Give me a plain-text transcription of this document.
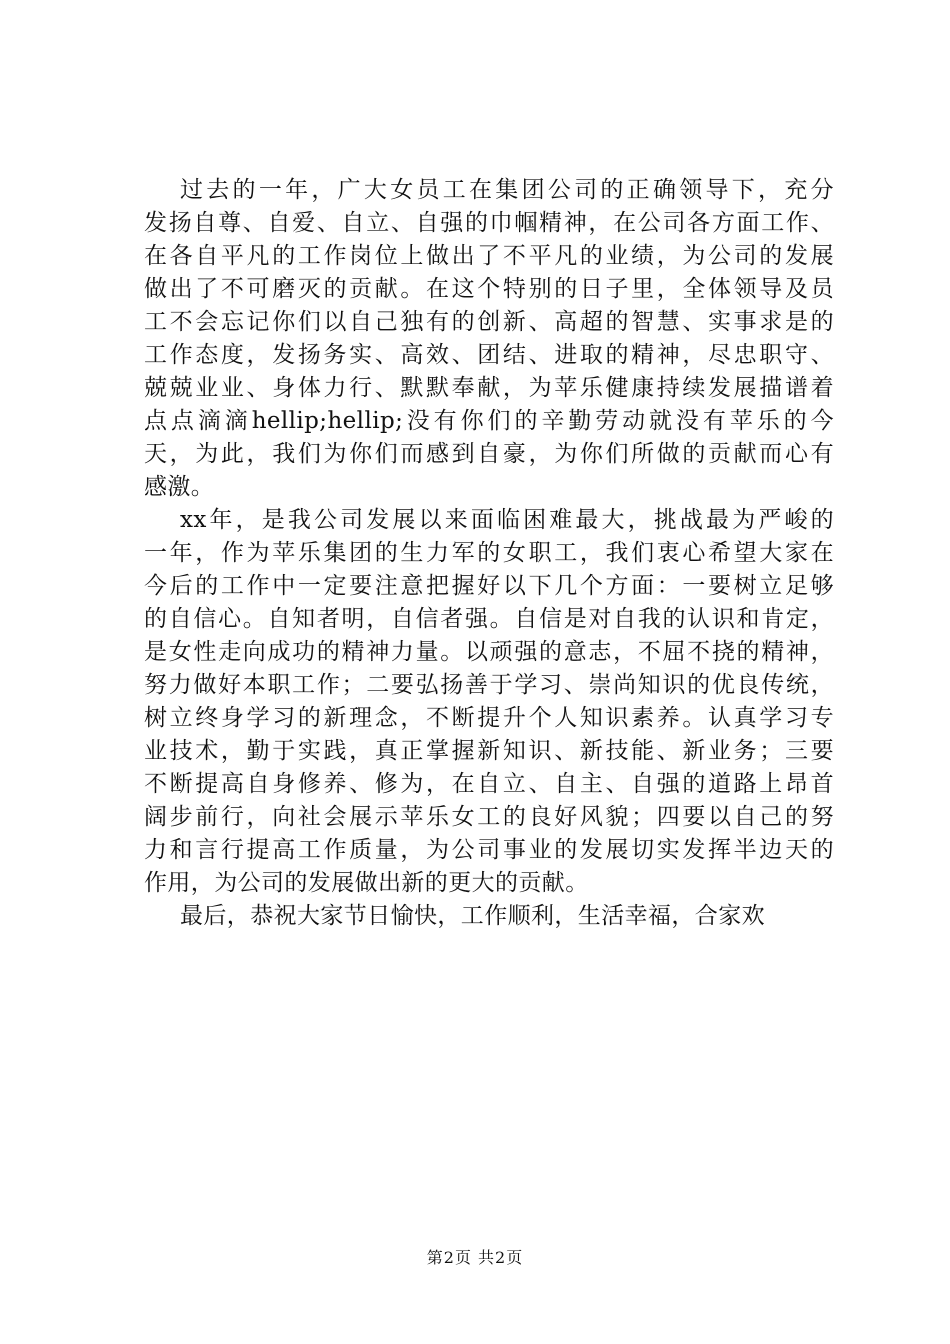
过去的一年，广大女员工在集团公司的正确领导下，充分
发扬自尊、自爱、自立、自强的巾帼精神，在公司各方面工作、
在各自平凡的工作岗位上做出了不平凡的业绩，为公司的发展
做出了不可磨灭的贡献。在这个特别的日子里，全体领导及员
工不会忘记你们以自己独有的创新、高超的智慧、实事求是的
工作态度，发扬务实、高效、团结、进取的精神，尽忠职守、
兢兢业业、身体力行、默默奉献，为苹乐健康持续发展描谱着
点点滴滴hellip;hellip;没有你们的辛勤劳动就没有苹乐的今
天，为此，我们为你们而感到自豪，为你们所做的贡献而心有
感激。
xx年，是我公司发展以来面临困难最大，挑战最为严峻的
一年，作为苹乐集团的生力军的女职工，我们衷心希望大家在
今后的工作中一定要注意把握好以下几个方面：一要树立足够
的自信心。自知者明，自信者强。自信是对自我的认识和肯定，
是女性走向成功的精神力量。以顽强的意志，不屈不挠的精神，
努力做好本职工作；二要弘扬善于学习、崇尚知识的优良传统，
树立终身学习的新理念，不断提升个人知识素养。认真学习专
业技术，勤于实践，真正掌握新知识、新技能、新业务；三要
不断提高自身修养、修为，在自立、自主、自强的道路上昂首
阔步前行，向社会展示苹乐女工的良好风貌；四要以自己的努
力和言行提高工作质量，为公司事业的发展切实发挥半边天的
作用，为公司的发展做出新的更大的贡献。
最后，恭祝大家节日愉快，工作顺利，生活幸福，合家欢
第2页 共2页
